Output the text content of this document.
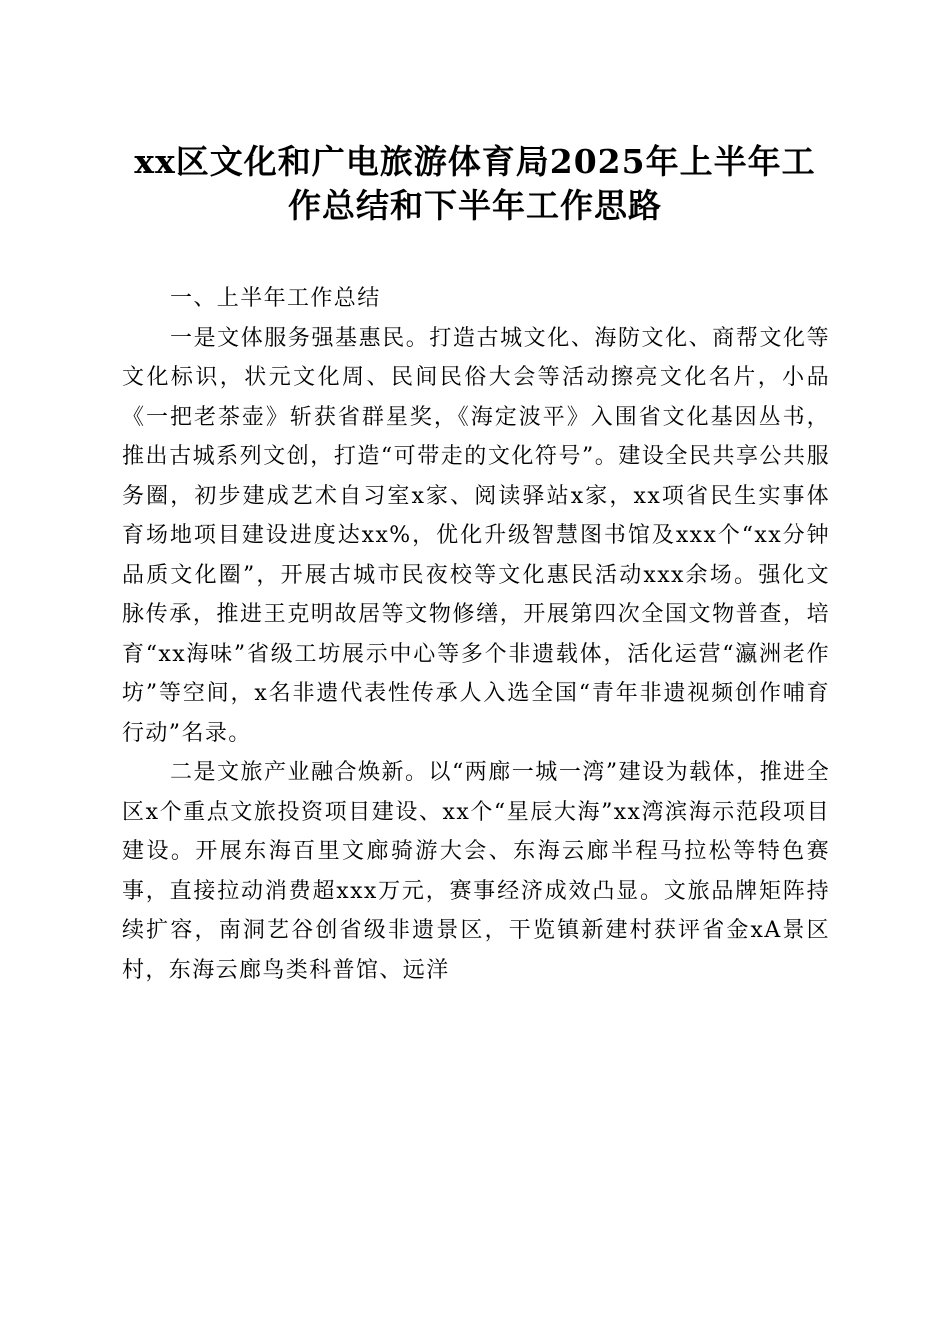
xx区文化和广电旅游体育局2025年上半年工
作总结和下半年工作思路
一、上半年工作总结

一是文体服务强基惠民。打造古城文化、海防文化、商帮文化等文化标识，状元文化周、民间民俗大会等活动擦亮文化名片，小品《一把老茶壶》斩获省群星奖，《海定波平》入围省文化基因丛书，推出古城系列文创，打造“可带走的文化符号”。建设全民共享公共服务圈，初步建成艺术自习室x家、阅读驿站x家，xx项省民生实事体育场地项目建设进度达xx%，优化升级智慧图书馆及xxx个“xx分钟品质文化圈”，开展古城市民夜校等文化惠民活动xxx余场。强化文脉传承，推进王克明故居等文物修缮，开展第四次全国文物普查，培育“xx海味”省级工坊展示中心等多个非遗载体，活化运营“瀛洲老作坊”等空间，x名非遗代表性传承人入选全国“青年非遗视频创作哺育行动”名录。

二是文旅产业融合焕新。以“两廊一城一湾”建设为载体，推进全区x个重点文旅投资项目建设、xx个“星辰大海”xx湾滨海示范段项目建设。开展东海百里文廊骑游大会、东海云廊半程马拉松等特色赛事，直接拉动消费超xxx万元，赛事经济成效凸显。文旅品牌矩阵持续扩容，南洞艺谷创省级非遗景区，干览镇新建村获评省金xA景区村，东海云廊鸟类科普馆、远洋
